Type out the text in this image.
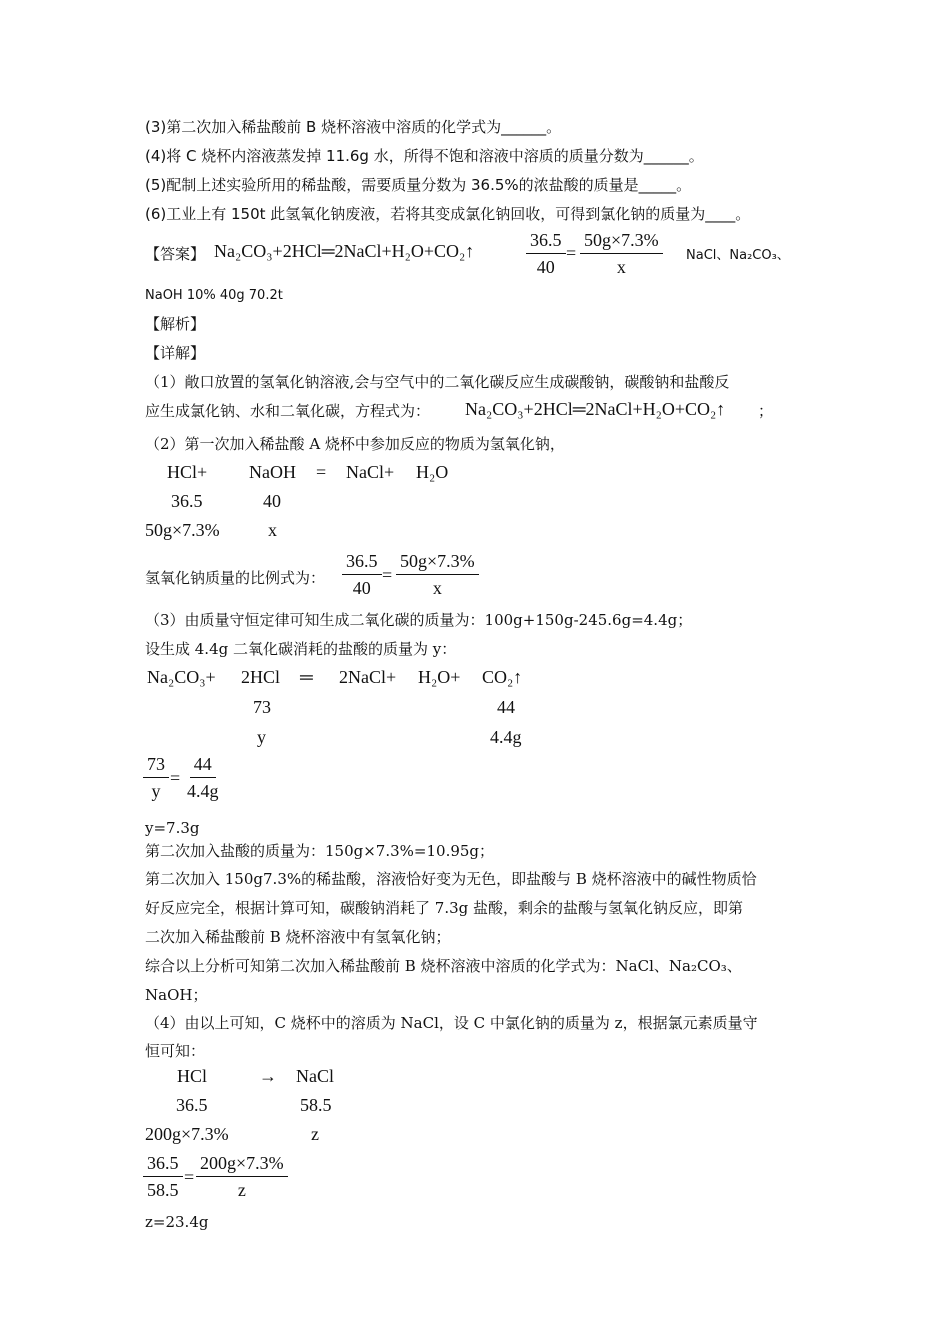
(3)第二次加入稀盐酸前 B 烧杯溶液中溶质的化学式为______。
(4)将 C 烧杯内溶液蒸发掉 11.6g 水，所得不饱和溶液中溶质的质量分数为______。
(5)配制上述实验所用的稀盐酸，需要质量分数为 36.5%的浓盐酸的质量是_____。
(6)工业上有 150t 此氢氧化钠废液，若将其变成氯化钠回收，可得到氯化钠的质量为____。
【答案】 Na₂CO₃+2HCl═2NaCl+H₂O+CO₂↑	$\frac{36.5}{40} = \frac{50g\times 7.3\%}{x}$ NaCl、Na₂CO₃、
NaOH 10% 40g 70.2t
【解析】
【详解】
（1）敞口放置的氢氧化钠溶液,会与空气中的二氧化碳反应生成碳酸钠，碳酸钠和盐酸反
应生成氯化钠、水和二氧化碳，方程式为： Na₂CO₃+2HCl═2NaCl+H₂O+CO₂↑ ；
（2）第一次加入稀盐酸 A 烧杯中参加反应的物质为氢氧化钠，
HCl+ NaOH = NaCl+ H₂O
36.5	40
50g×7.3%	x
氢氧化钠质量的比例式为： $\frac{36.5}{40} = \frac{50g\times 7.3\%}{x}$
（3）由质量守恒定律可知生成二氧化碳的质量为：100g+150g-245.6g=4.4g；
设生成 4.4g 二氧化碳消耗的盐酸的质量为 y：
Na₂CO₃+ 2HCl ═ 2NaCl+ H₂O+ CO₂↑
73	44
y	4.4g
$\frac{73}{y} = \frac{44}{4.4g}$
y=7.3g
第二次加入盐酸的质量为：150g×7.3%=10.95g；
第二次加入 150g7.3%的稀盐酸，溶液恰好变为无色，即盐酸与 B 烧杯溶液中的碱性物质恰
好反应完全，根据计算可知，碳酸钠消耗了 7.3g 盐酸，剩余的盐酸与氢氧化钠反应，即第
二次加入稀盐酸前 B 烧杯溶液中有氢氧化钠；
综合以上分析可知第二次加入稀盐酸前 B 烧杯溶液中溶质的化学式为：NaCl、Na₂CO₃、
NaOH；
（4）由以上可知，C 烧杯中的溶质为 NaCl，设 C 中氯化钠的质量为 z，根据氯元素质量守
恒可知：
HCl	→ NaCl
36.5	58.5
200g×7.3%	z
$\frac{36.5}{58.5} = \frac{200g\times 7.3\%}{z}$
z=23.4g
